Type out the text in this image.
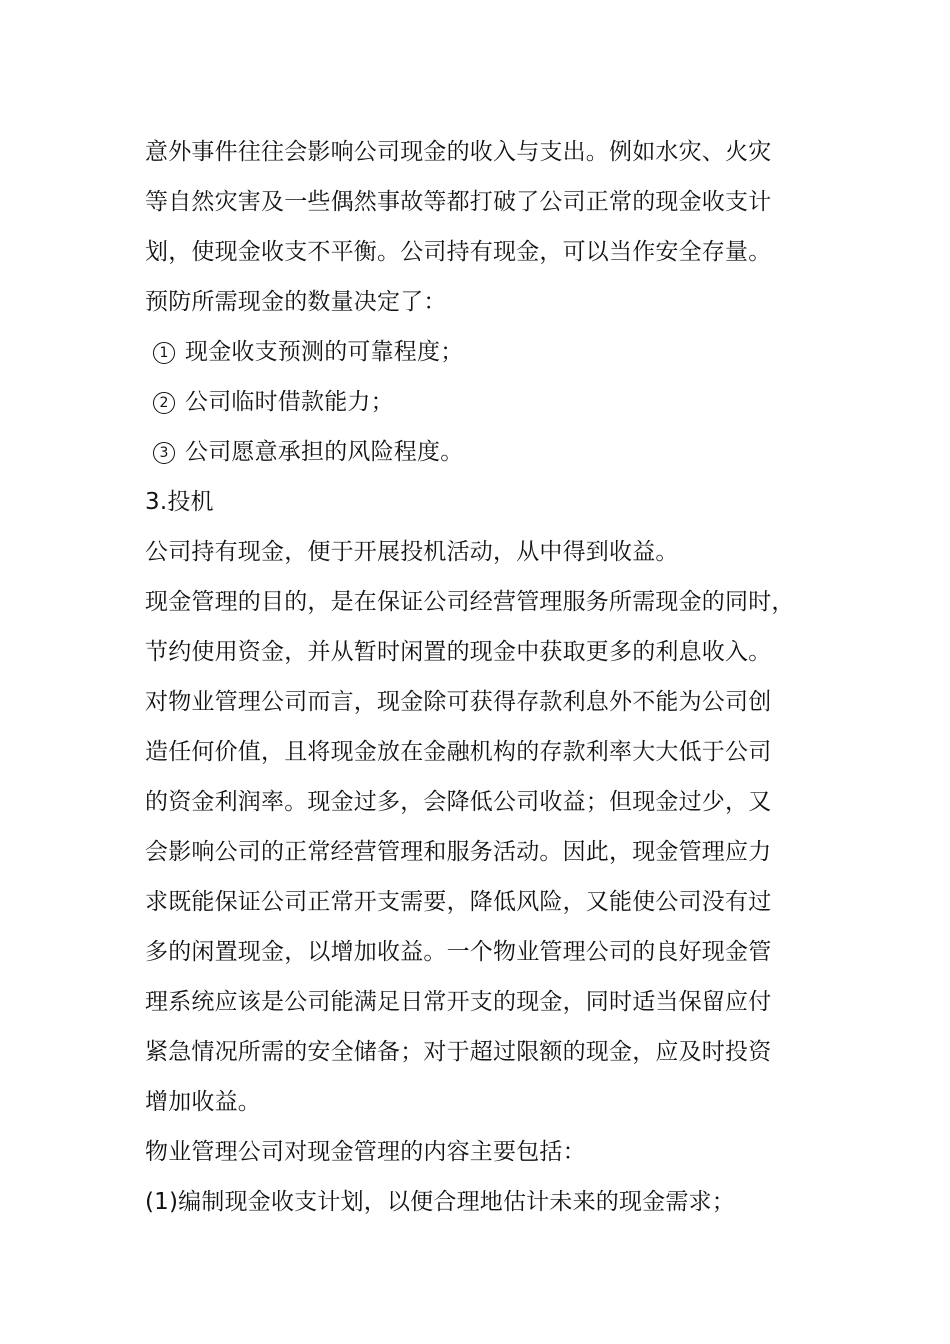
意外事件往往会影响公司现金的收入与支出。例如水灾、火灾
等自然灾害及一些偶然事故等都打破了公司正常的现金收支计
划，使现金收支不平衡。公司持有现金，可以当作安全存量。
预防所需现金的数量决定了：
1 现金收支预测的可靠程度；
2 公司临时借款能力；
3 公司愿意承担的风险程度。
3.投机
公司持有现金，便于开展投机活动，从中得到收益。
现金管理的目的，是在保证公司经营管理服务所需现金的同时，
节约使用资金，并从暂时闲置的现金中获取更多的利息收入。
对物业管理公司而言，现金除可获得存款利息外不能为公司创
造任何价值，且将现金放在金融机构的存款利率大大低于公司
的资金利润率。现金过多，会降低公司收益；但现金过少，又
会影响公司的正常经营管理和服务活动。因此，现金管理应力
求既能保证公司正常开支需要，降低风险，又能使公司没有过
多的闲置现金，以增加收益。一个物业管理公司的良好现金管
理系统应该是公司能满足日常开支的现金，同时适当保留应付
紧急情况所需的安全储备；对于超过限额的现金，应及时投资
增加收益。
物业管理公司对现金管理的内容主要包括：
(1)编制现金收支计划，以便合理地估计未来的现金需求；
